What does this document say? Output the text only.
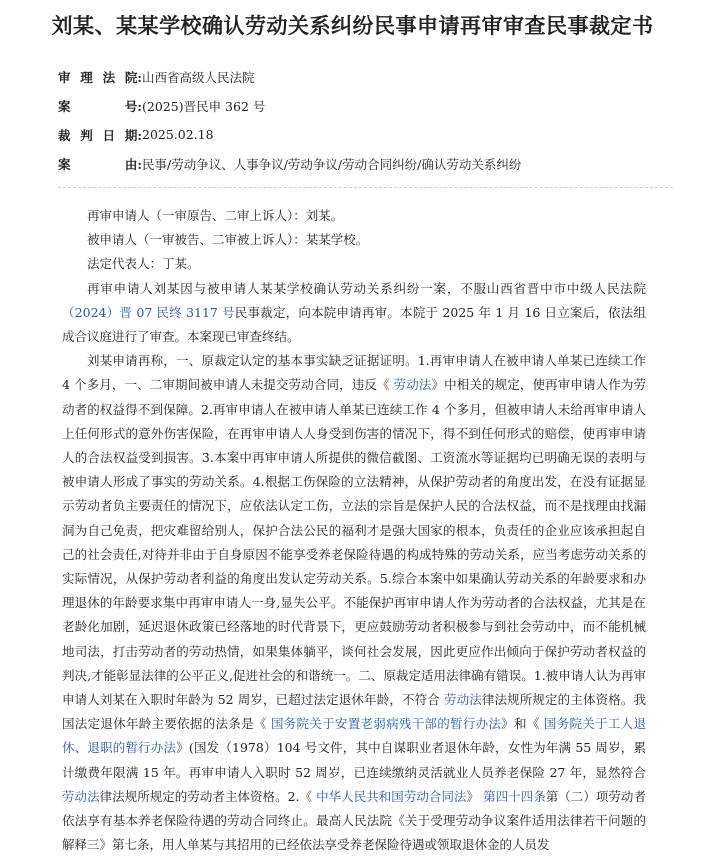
刘某、某某学校确认劳动关系纠纷民事申请再审审查民事裁定书
审 理 法 院: 山西省高级人民法院
案	号: (2025)晋民申 362 号
裁 判 日 期: 2025.02.18
案	由: 民事/劳动争议、人事争议/劳动争议/劳动合同纠纷/确认劳动关系纠纷

再审申请人（一审原告、二审上诉人）：刘某。

被申请人（一审被告、二审被上诉人）：某某学校。

法定代表人：丁某。

再审申请人刘某因与被申请人某某学校确认劳动关系纠纷一案，不服山西省晋中市中级人民法院（2024）晋 07 民终 3117 号民事裁定，向本院申请再审。本院于 2025 年 1 月 16 日立案后，依法组成合议庭进行了审查。本案现已审查终结。

刘某申请再称，一、原裁定认定的基本事实缺乏证据证明。1.再审申请人在被申请人单某已连续工作 4 个多月，一、二审期间被申请人未提交劳动合同，违反《 劳动法》中相关的规定，使再审申请人作为劳动者的权益得不到保障。2.再审申请人在被申请人单某已连续工作 4 个多月，但被申请人未给再审申请人上任何形式的意外伤害保险，在再审申请人人身受到伤害的情况下，得不到任何形式的赔偿，使再审申请人的合法权益受到损害。3.本案中再审申请人所提供的微信截图、工资流水等证据均已明确无误的表明与被申请人形成了事实的劳动关系。4.根据工伤保险的立法精神，从保护劳动者的角度出发，在没有证据显示劳动者负主要责任的情况下，应依法认定工伤，立法的宗旨是保护人民的合法权益，而不是找理由找漏洞为自己免责，把灾难留给别人，保护合法公民的福利才是强大国家的根本，负责任的企业应该承担起自己的社会责任,对待并非由于自身原因不能享受养老保险待遇的构成特殊的劳动关系，应当考虑劳动关系的实际情况，从保护劳动者利益的角度出发认定劳动关系。5.综合本案中如果确认劳动关系的年龄要求和办理退休的年龄要求集中再审申请人一身,显失公平。不能保护再审申请人作为劳动者的合法权益，尤其是在老龄化加剧，延迟退休政策已经落地的时代背景下，更应鼓励劳动者积极参与到社会劳动中，而不能机械地司法，打击劳动者的劳动热情，如果集体躺平，谈何社会发展，因此更应作出倾向于保护劳动者权益的判决,才能彰显法律的公平正义,促进社会的和谐统一。二、原裁定适用法律确有错误。1.被申请人认为再审申请人刘某在入职时年龄为 52 周岁，已超过法定退休年龄，不符合 劳动法律法规所规定的主体资格。我国法定退休年龄主要依据的法条是《 国务院关于安置老弱病残干部的暂行办法》和《 国务院关于工人退休、退职的暂行办法》(国发（1978）104 号文件，其中自谋职业者退休年龄，女性为年满 55 周岁，累计缴费年限满 15 年。再审申请人入职时 52 周岁，已连续缴纳灵活就业人员养老保险 27 年，显然符合 劳动法律法规所规定的劳动者主体资格。2.《 中华人民共和国劳动合同法》 第四十四条第（二）项劳动者依法享有基本养老保险待遇的劳动合同终止。最高人民法院《关于受理劳动争议案件适用法律若干问题的解释三》第七条，用人单某与其招用的已经依法享受养老保险待遇或领取退休金的人员发
